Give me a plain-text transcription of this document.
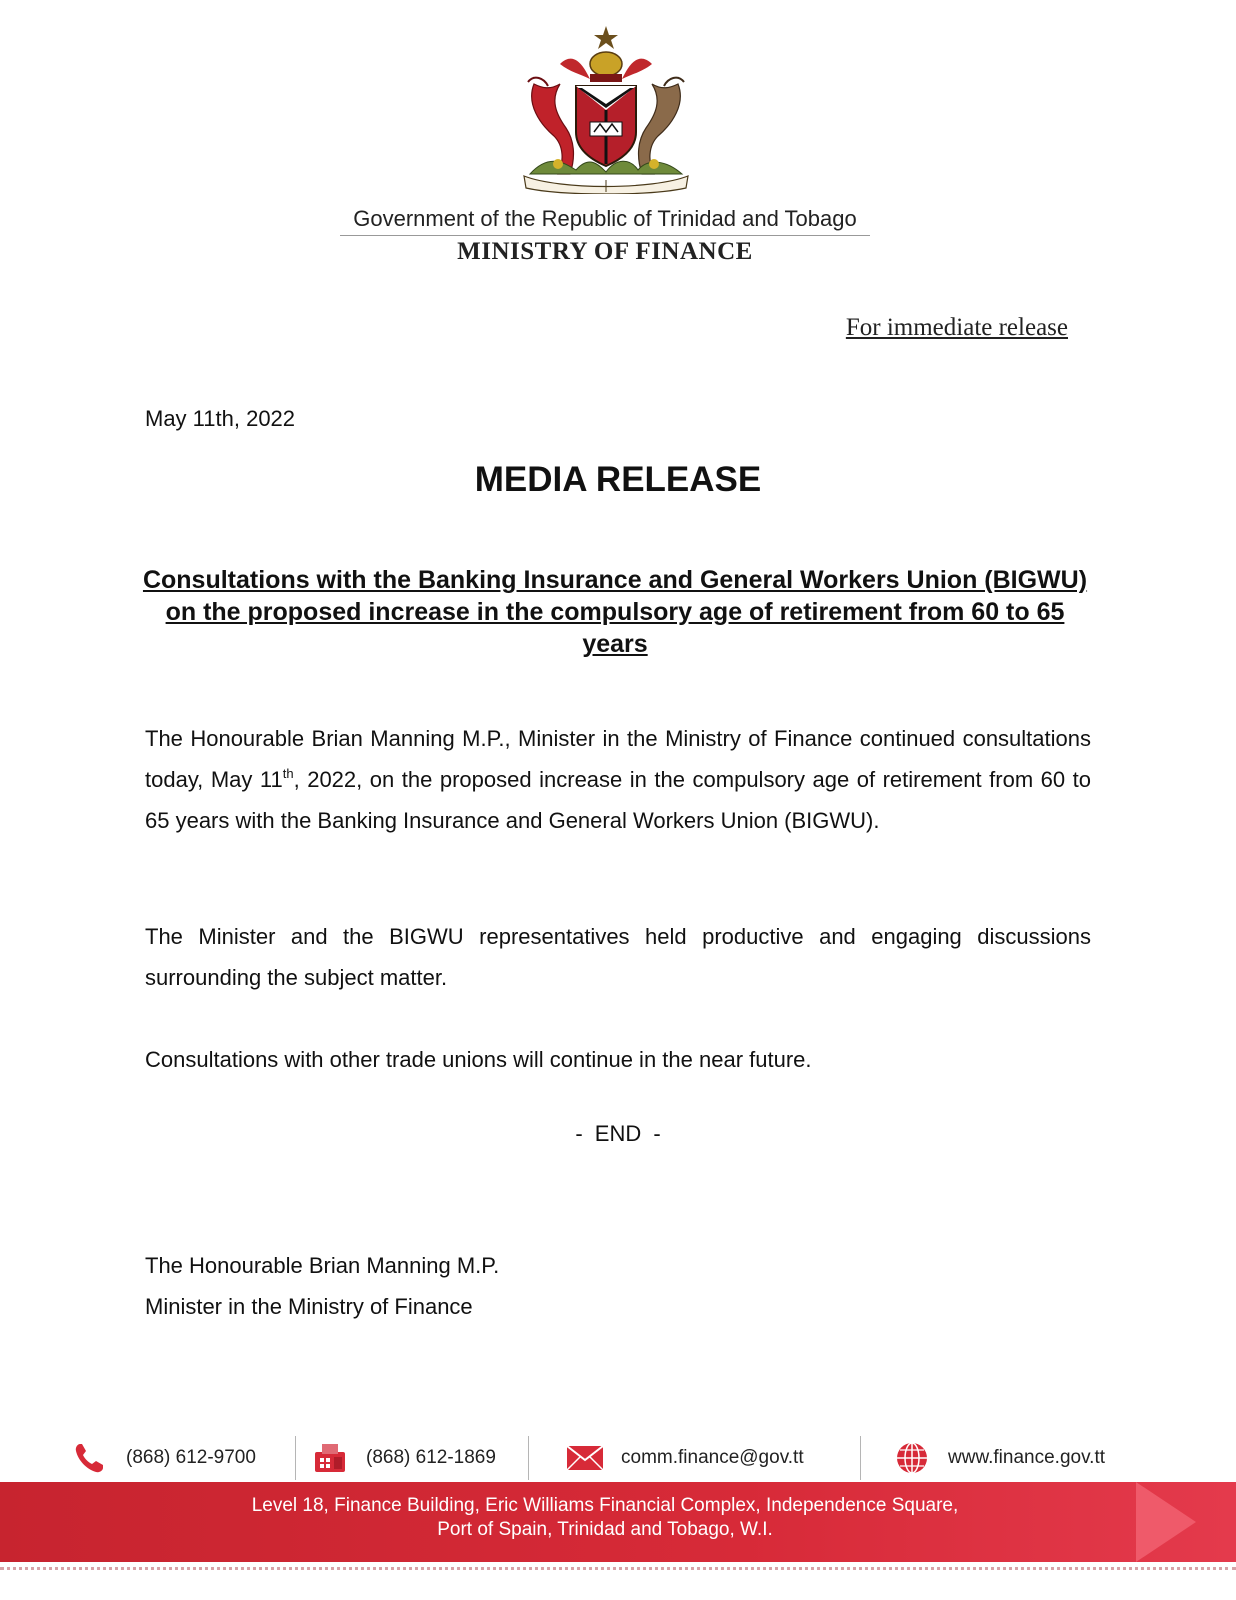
Government of the Republic of Trinidad and Tobago
MINISTRY OF FINANCE
For immediate release
May 11th, 2022
MEDIA RELEASE
Consultations with the Banking Insurance and General Workers Union (BIGWU) on the proposed increase in the compulsory age of retirement from 60 to 65 years

The Honourable Brian Manning M.P., Minister in the Ministry of Finance continued consultations today, May 11th, 2022, on the proposed increase in the compulsory age of retirement from 60 to 65 years with the Banking Insurance and General Workers Union (BIGWU).

The Minister and the BIGWU representatives held productive and engaging discussions surrounding the subject matter.

Consultations with other trade unions will continue in the near future.

- END -
The Honourable Brian Manning M.P.
Minister in the Ministry of Finance
(868) 612-9700	(868) 612-1869	comm.finance@gov.tt	www.finance.gov.tt
Level 18, Finance Building, Eric Williams Financial Complex, Independence Square,
Port of Spain, Trinidad and Tobago, W.I.
